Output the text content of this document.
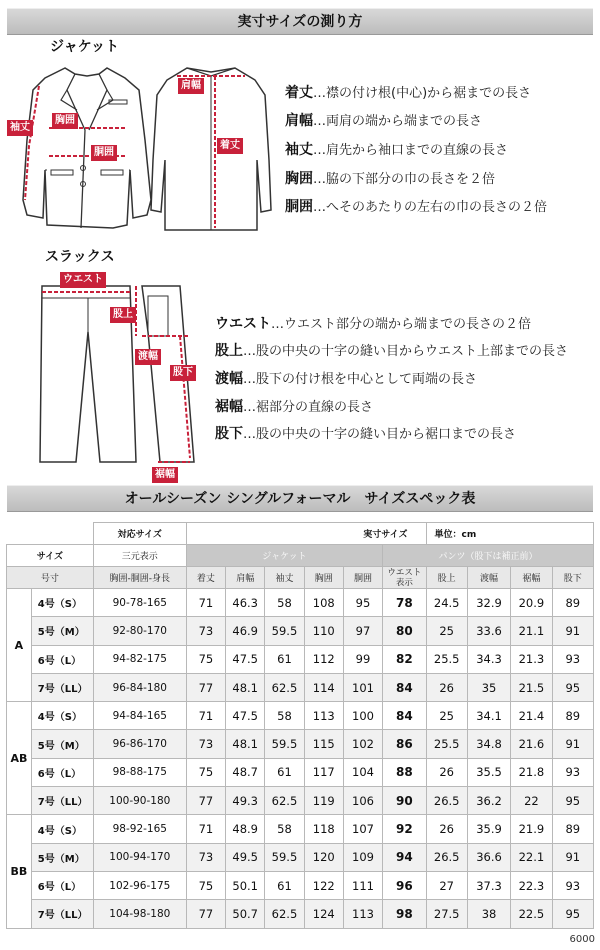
実寸サイズの測り方
ジャケット
袖丈
胸囲
胴囲
肩幅
着丈
着丈…襟の付け根(中心)から裾までの長さ
肩幅…両肩の端から端までの長さ
袖丈…肩先から袖口までの直線の長さ
胸囲…脇の下部分の巾の長さを２倍
胴囲…へそのあたりの左右の巾の長さの２倍
スラックス
ウエスト
股上
渡幅
股下
裾幅
ウエスト…ウエスト部分の端から端までの長さの２倍
股上…股の中央の十字の縫い目からウエスト上部までの長さ
渡幅…股下の付け根を中心として両端の長さ
裾幅…裾部分の直線の長さ
股下…股の中央の十字の縫い目から裾口までの長さ
オールシーズン シングルフォーマル　サイズスペック表
		対応サイズ	実寸サイズ						単位：cm			
サイズ		三元表示	ジャケット					パンツ（股下は補正前）				
号寸		胸囲-胴囲-身長	着丈	肩幅	袖丈	胸囲	胴囲	ウエスト表示	股上	渡幅	裾幅	股下
A	4号（S）	90-78-165	71	46.3	58	108	95	78	24.5	32.9	20.9	89
	5号（M）	92-80-170	73	46.9	59.5	110	97	80	25	33.6	21.1	91
	6号（L）	94-82-175	75	47.5	61	112	99	82	25.5	34.3	21.3	93
	7号（LL）	96-84-180	77	48.1	62.5	114	101	84	26	35	21.5	95
AB	4号（S）	94-84-165	71	47.5	58	113	100	84	25	34.1	21.4	89
	5号（M）	96-86-170	73	48.1	59.5	115	102	86	25.5	34.8	21.6	91
	6号（L）	98-88-175	75	48.7	61	117	104	88	26	35.5	21.8	93
	7号（LL）	100-90-180	77	49.3	62.5	119	106	90	26.5	36.2	22	95
BB	4号（S）	98-92-165	71	48.9	58	118	107	92	26	35.9	21.9	89
	5号（M）	100-94-170	73	49.5	59.5	120	109	94	26.5	36.6	22.1	91
	6号（L）	102-96-175	75	50.1	61	122	111	96	27	37.3	22.3	93
	7号（LL）	104-98-180	77	50.7	62.5	124	113	98	27.5	38	22.5	95
6000
